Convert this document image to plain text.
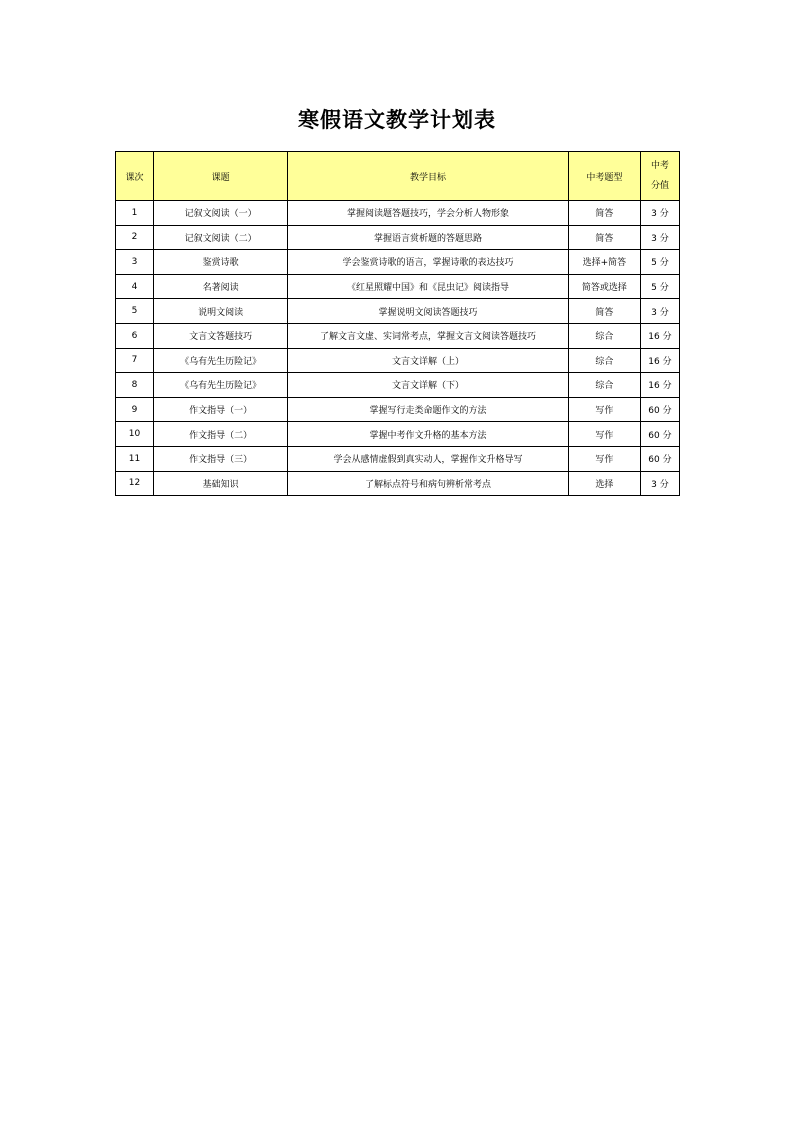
寒假语文教学计划表
课次	课题	教学目标	中考题型	中考
分值

1	记叙文阅读（一）	掌握阅读题答题技巧，学会分析人物形象	简答	3 分
2	记叙文阅读（二）	掌握语言赏析题的答题思路	简答	3 分
3	鉴赏诗歌	学会鉴赏诗歌的语言，掌握诗歌的表达技巧	选择+简答	5 分
4	名著阅读	《红星照耀中国》和《昆虫记》阅读指导	简答或选择	5 分
5	说明文阅读	掌握说明文阅读答题技巧	简答	3 分
6	文言文答题技巧	了解文言文虚、实词常考点，掌握文言文阅读答题技巧	综合	16 分
7	《乌有先生历险记》	文言文详解（上）	综合	16 分
8	《乌有先生历险记》	文言文详解（下）	综合	16 分
9	作文指导（一）	掌握写行走类命题作文的方法	写作	60 分
10	作文指导（二）	掌握中考作文升格的基本方法	写作	60 分
11	作文指导（三）	学会从感情虚假到真实动人，掌握作文升格导写	写作	60 分
12	基础知识	了解标点符号和病句辨析常考点	选择	3 分
